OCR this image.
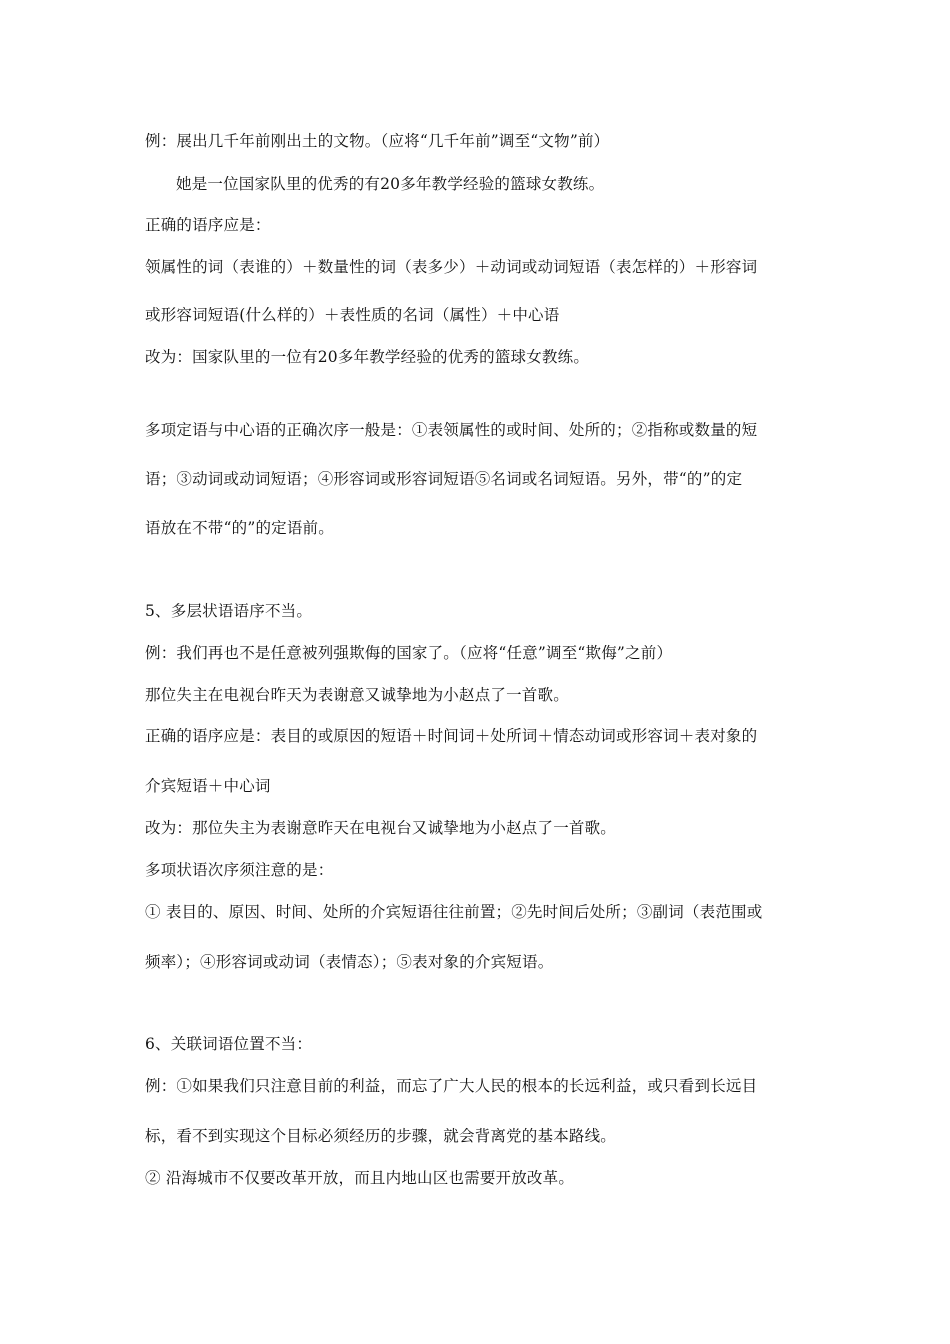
例：展出几千年前刚出土的文物。（应将“几千年前”调至“文物”前）
她是一位国家队里的优秀的有20多年教学经验的篮球女教练。
正确的语序应是：
领属性的词（表谁的）＋数量性的词（表多少）＋动词或动词短语（表怎样的）＋形容词
或形容词短语(什么样的）＋表性质的名词（属性）＋中心语
改为：国家队里的一位有20多年教学经验的优秀的篮球女教练。
多项定语与中心语的正确次序一般是：①表领属性的或时间、处所的；②指称或数量的短
语；③动词或动词短语；④形容词或形容词短语⑤名词或名词短语。另外，带“的”的定
语放在不带“的”的定语前。
5、多层状语语序不当。
例：我们再也不是任意被列强欺侮的国家了。（应将“任意”调至“欺侮”之前）
那位失主在电视台昨天为表谢意又诚挚地为小赵点了一首歌。
正确的语序应是：表目的或原因的短语＋时间词＋处所词＋情态动词或形容词＋表对象的
介宾短语＋中心词
改为：那位失主为表谢意昨天在电视台又诚挚地为小赵点了一首歌。
多项状语次序须注意的是：
① 表目的、原因、时间、处所的介宾短语往往前置；②先时间后处所；③副词（表范围或
频率）；④形容词或动词（表情态）；⑤表对象的介宾短语。
6、关联词语位置不当：
例：①如果我们只注意目前的利益，而忘了广大人民的根本的长远利益，或只看到长远目
标，看不到实现这个目标必须经历的步骤，就会背离党的基本路线。
② 沿海城市不仅要改革开放，而且内地山区也需要开放改革。
